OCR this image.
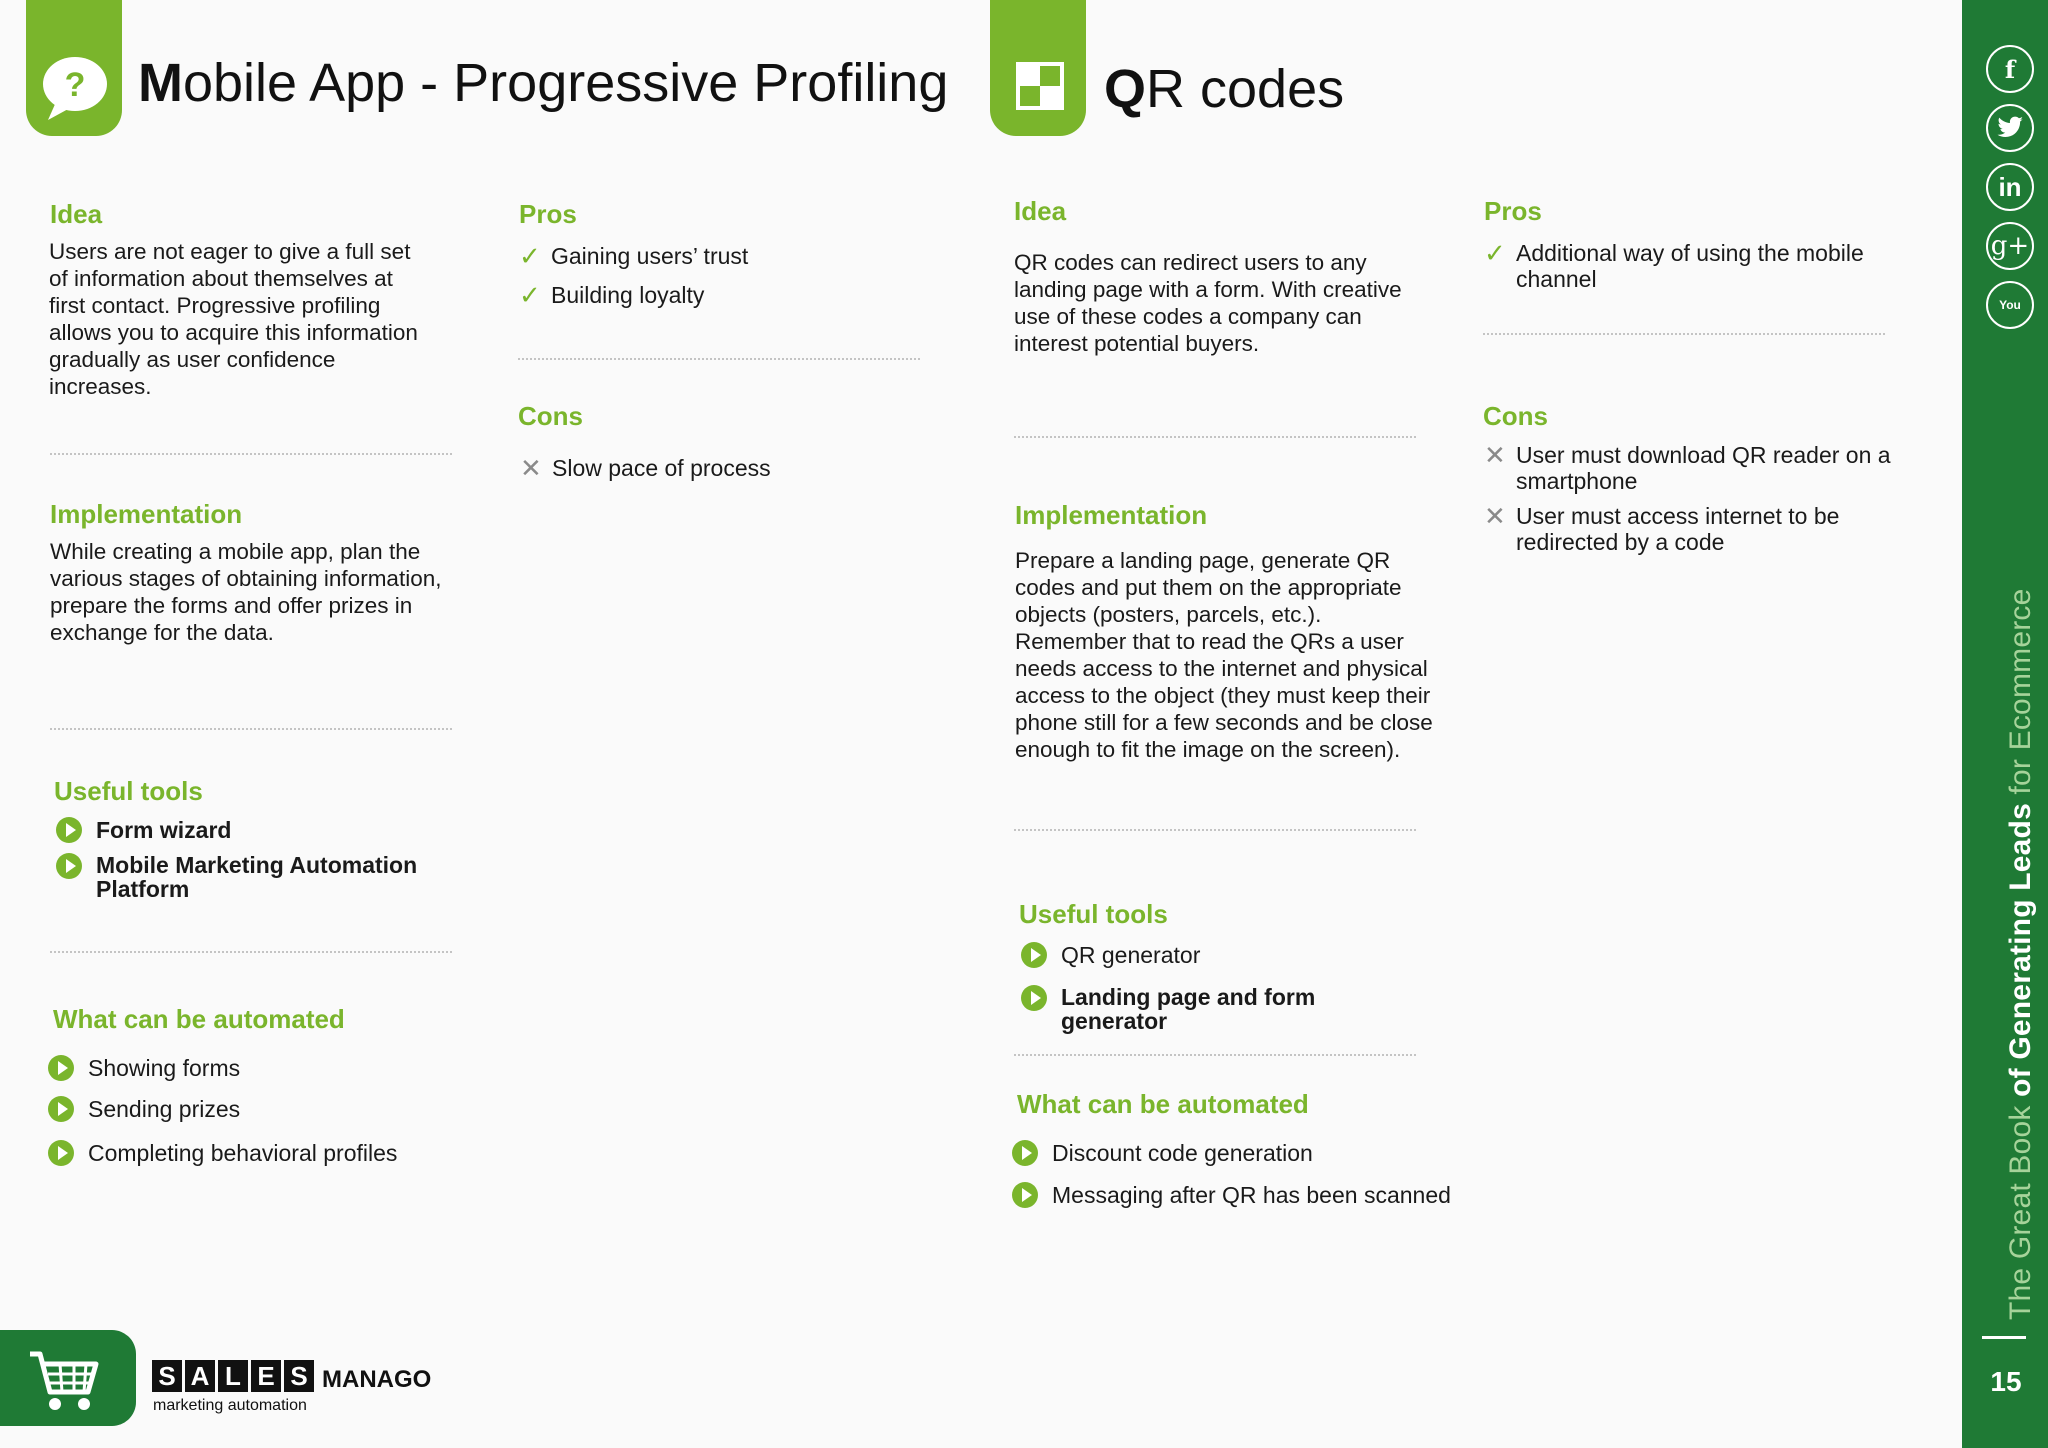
? Mobile App - Progressive Profiling	QR codes
Idea
Users are not eager to give a full set
of information about themselves at
first contact. Progressive profiling
allows you to acquire this information
gradually as user confidence
increases.
Implementation
While creating a mobile app, plan the
various stages of obtaining information,
prepare the forms and offer prizes in
exchange for the data.
Useful tools
Form wizard
Mobile Marketing Automation
Platform
What can be automated
Showing forms
Sending prizes
Completing behavioral profiles
Pros
✓ Gaining users’ trust
✓ Building loyalty
Cons
✕ Slow pace of process
Idea
QR codes can redirect users to any
landing page with a form. With creative
use of these codes a company can
interest potential buyers.
Implementation
Prepare a landing page, generate QR
codes and put them on the appropriate
objects (posters, parcels, etc.).
Remember that to read the QRs a user
needs access to the internet and physical
access to the object (they must keep their
phone still for a few seconds and be close
enough to fit the image on the screen).
Useful tools
QR generator
Landing page and form
generator
What can be automated
Discount code generation
Messaging after QR has been scanned
Pros
✓ Additional way of using the mobile
channel
Cons
✕ User must download QR reader on a
smartphone
✕ User must access internet to be
redirected by a code
f
in
g+
You
The Great Book of Generating Leads for Ecommerce
15
S A L E S MANAGO
marketing automation
